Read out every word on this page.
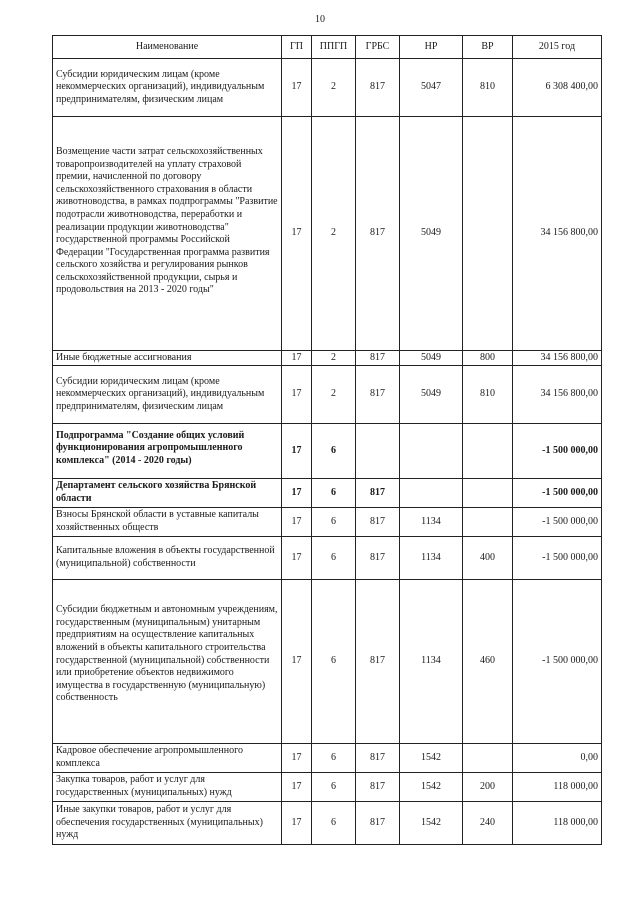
10
Наименование	ГП	ППГП	ГРБС	НР	ВР	2015 год
Субсидии юридическим лицам (кроме некоммерческих организаций), индивидуальным предпринимателям, физическим лицам	17	2	817	5047	810	6 308 400,00
Возмещение части затрат сельскохозяйственных товаропроизводителей на уплату страховой премии, начисленной по договору сельскохозяйственного страхования в области животноводства, в рамках подпрограммы "Развитие подотрасли животноводства, переработки и реализации продукции животноводства" государственной программы Российской Федерации "Государственная программа развития сельского хозяйства и регулирования рынков сельскохозяйственной продукции, сырья и продовольствия на 2013 - 2020 годы"	17	2	817	5049		34 156 800,00
Иные бюджетные ассигнования	17	2	817	5049	800	34 156 800,00
Субсидии юридическим лицам (кроме некоммерческих организаций), индивидуальным предпринимателям, физическим лицам	17	2	817	5049	810	34 156 800,00
Подпрограмма "Создание общих условий функционирования агропромышленного комплекса" (2014 - 2020 годы)	17	6				-1 500 000,00
Департамент сельского хозяйства Брянской области	17	6	817			-1 500 000,00
Взносы Брянской области в уставные капиталы хозяйственных обществ	17	6	817	1134		-1 500 000,00
Капитальные вложения в объекты государственной (муниципальной) собственности	17	6	817	1134	400	-1 500 000,00
Субсидии бюджетным и автономным учреждениям, государственным (муниципальным) унитарным предприятиям на осуществление капитальных вложений в объекты капитального строительства государственной (муниципальной) собственности или приобретение объектов недвижимого имущества в государственную (муниципальную) собственность	17	6	817	1134	460	-1 500 000,00
Кадровое обеспечение агропромышленного комплекса	17	6	817	1542		0,00
Закупка товаров, работ и услуг для государственных (муниципальных) нужд	17	6	817	1542	200	118 000,00
Иные закупки товаров, работ и услуг для обеспечения государственных (муниципальных) нужд	17	6	817	1542	240	118 000,00
